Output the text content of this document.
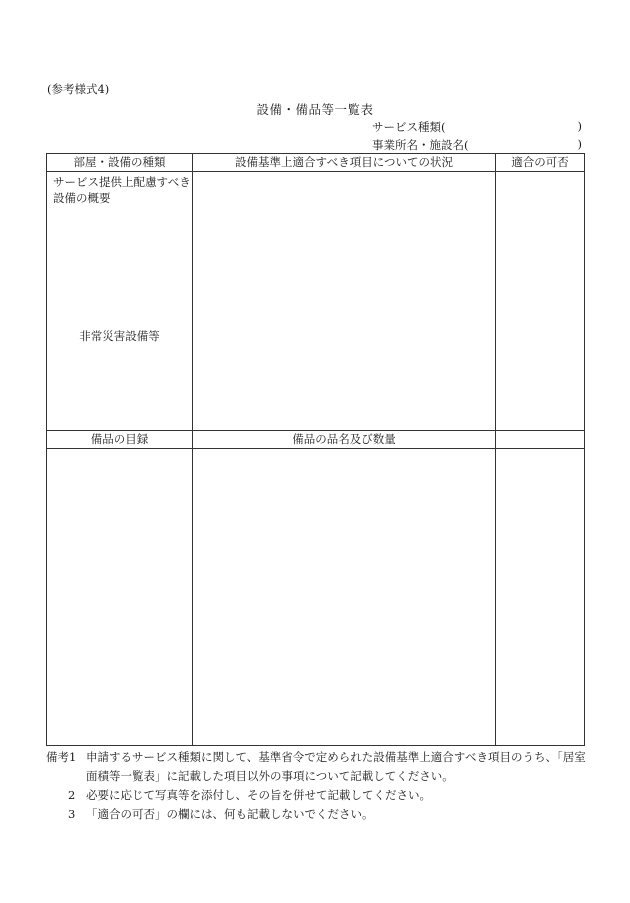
(参考様式4)
設備・備品等一覧表
サービス種類(	)
事業所名・施設名(	)
部屋・設備の種類	設備基準上適合すべき項目についての状況	適合の可否

サービス提供上配慮すべき設備の概要
非常災害設備等		

備品の目録	備品の品名及び数量	

備考1 申請するサービス種類に関して、基準省令で定められた設備基準上適合すべき項目のうち、「居室面積等一覧表」に記載した項目以外の事項について記載してください。
2 必要に応じて写真等を添付し、その旨を併せて記載してください。
3 「適合の可否」の欄には、何も記載しないでください。
